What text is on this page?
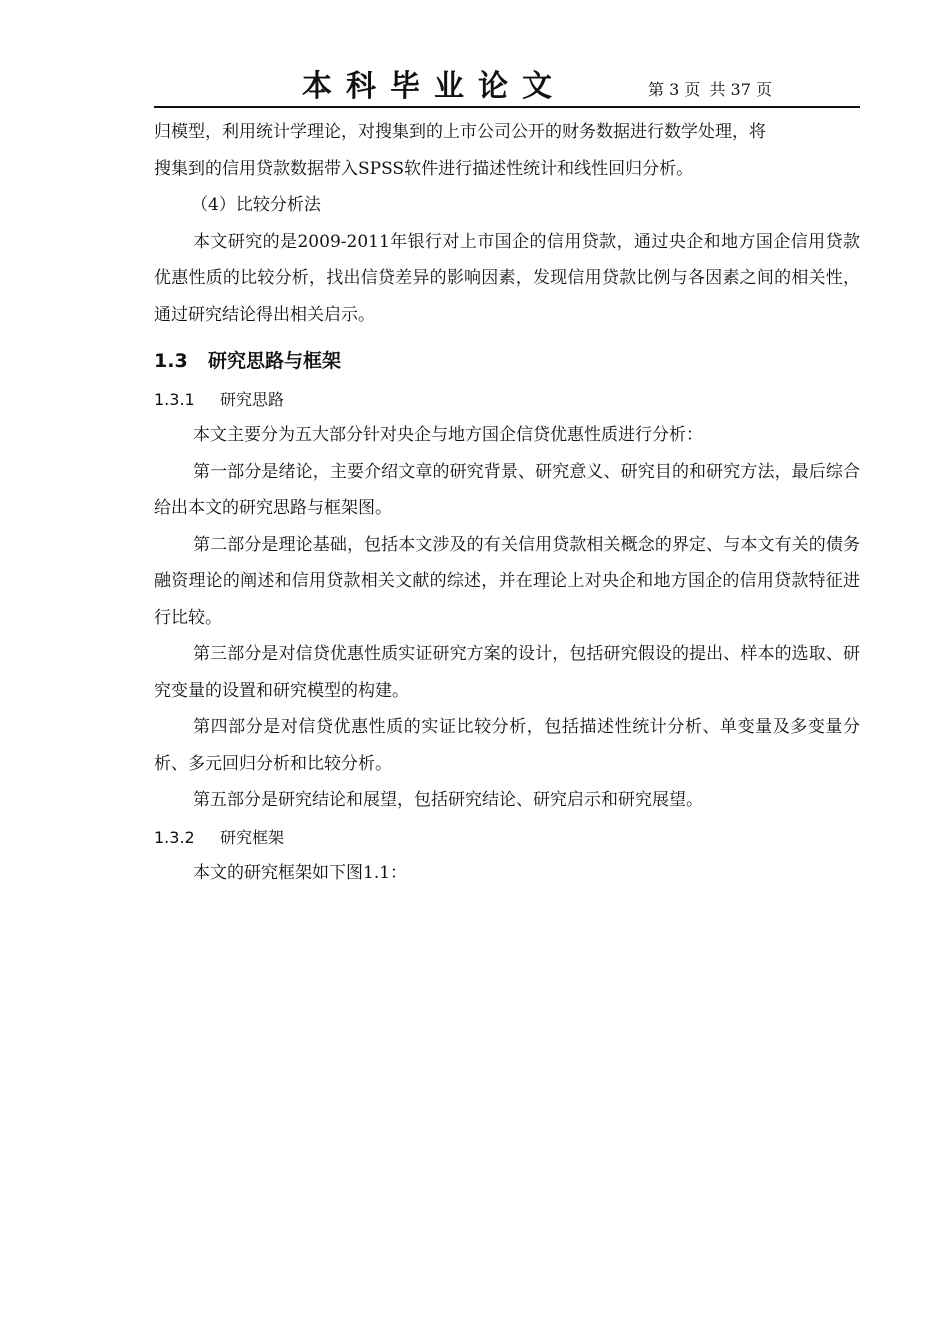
本科毕业论文	第 3 页 共 37 页

归模型，利用统计学理论，对搜集到的上市公司公开的财务数据进行数学处理，将

搜集到的信用贷款数据带入SPSS软件进行描述性统计和线性回归分析。

（4）比较分析法

本文研究的是2009-2011年银行对上市国企的信用贷款，通过央企和地方国企信用贷款优惠性质的比较分析，找出信贷差异的影响因素，发现信用贷款比例与各因素之间的相关性，通过研究结论得出相关启示。

1.3 研究思路与框架
1.3.1 研究思路

本文主要分为五大部分针对央企与地方国企信贷优惠性质进行分析：

第一部分是绪论，主要介绍文章的研究背景、研究意义、研究目的和研究方法，最后综合给出本文的研究思路与框架图。

第二部分是理论基础，包括本文涉及的有关信用贷款相关概念的界定、与本文有关的债务融资理论的阐述和信用贷款相关文献的综述，并在理论上对央企和地方国企的信用贷款特征进行比较。

第三部分是对信贷优惠性质实证研究方案的设计，包括研究假设的提出、样本的选取、研究变量的设置和研究模型的构建。

第四部分是对信贷优惠性质的实证比较分析，包括描述性统计分析、单变量及多变量分析、多元回归分析和比较分析。

第五部分是研究结论和展望，包括研究结论、研究启示和研究展望。

1.3.2 研究框架

本文的研究框架如下图1.1：
